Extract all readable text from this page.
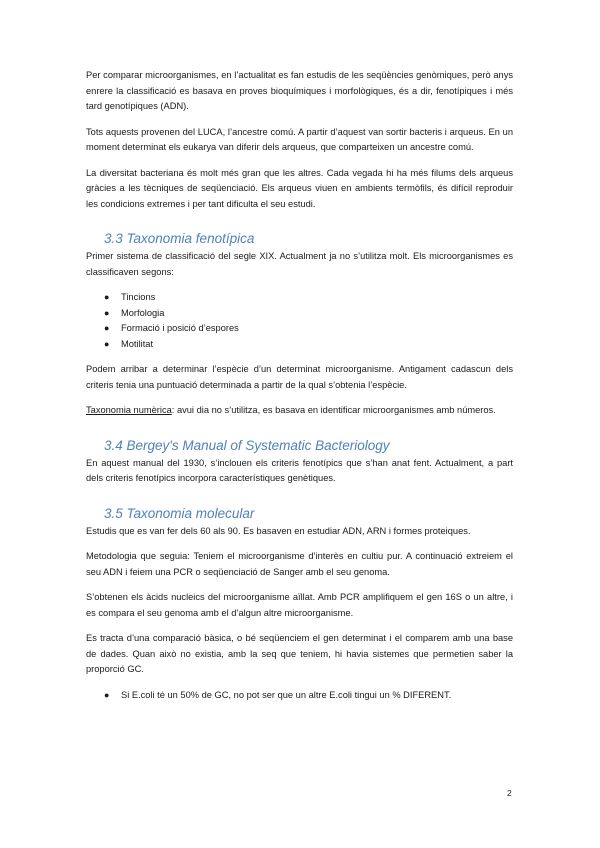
Per comparar microorganismes, en l’actualitat es fan estudis de les seqüències genòmiques, però anys enrere la classificació es basava en proves bioquímiques i morfològiques, és a dir, fenotípiques i més tard genotípiques (ADN).

Tots aquests provenen del LUCA, l’ancestre comú. A partir d’aquest van sortir bacteris i arqueus. En un moment determinat els eukarya van diferir dels arqueus, que comparteixen un ancestre comú.

La diversitat bacteriana és molt més gran que les altres. Cada vegada hi ha més filums dels arqueus gràcies a les tècniques de seqüenciació. Els arqueus viuen en ambients termòfils, és difícil reproduir les condicions extremes i per tant dificulta el seu estudi.

3.3 Taxonomia fenotípica

Primer sistema de classificació del segle XIX. Actualment ja no s’utilitza molt. Els microorganismes es classificaven segons:

● Tincions
● Morfologia
● Formació i posició d’espores
● Motilitat

Podem arribar a determinar l’espècie d’un determinat microorganisme. Antigament cadascun dels criteris tenia una puntuació determinada a partir de la qual s’obtenia l’espècie.

Taxonomia numèrica: avui dia no s’utilitza, es basava en identificar microorganismes amb números.

3.4 Bergey's Manual of Systematic Bacteriology

En aquest manual del 1930, s’inclouen els criteris fenotípics que s’han anat fent. Actualment, a part dels criteris fenotípics incorpora característiques genètiques.

3.5 Taxonomia molecular

Estudis que es van fer dels 60 als 90. Es basaven en estudiar ADN, ARN i formes proteiques.

Metodologia que seguia: Teniem el microorganisme d’interès en cultiu pur. A continuació extreiem el seu ADN i feiem una PCR o seqüenciació de Sanger amb el seu genoma.

S’obtenen els àcids nucleics del microorganisme aïllat. Amb PCR amplifiquem el gen 16S o un altre, i es compara el seu genoma amb el d’algun altre microorganisme.

Es tracta d’una comparació bàsica, o bé seqüenciem el gen determinat i el comparem amb una base de dades. Quan això no existia, amb la seq que teniem, hi havia sistemes que permetien saber la proporció GC.

● Si E.coli té un 50% de GC, no pot ser que un altre E.coli tingui un % DIFERENT.
2
